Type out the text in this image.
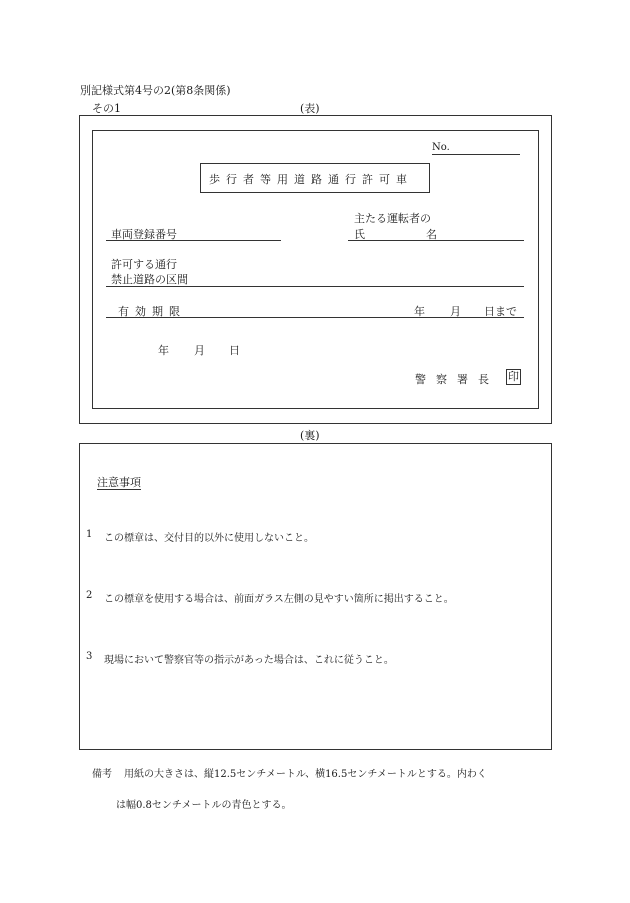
別記様式第4号の2(第8条関係)
その1	(表)
No.
歩行者等用道路通行許可車
主たる運転者の
氏	名
車両登録番号
許可する通行
禁止道路の区間
有効期限	年 月 日まで
年 月 日
警察署長 印
(裏)
注意事項
1 この標章は、交付目的以外に使用しないこと。
2 この標章を使用する場合は、前面ガラス左側の見やすい箇所に掲出すること。
3 現場において警察官等の指示があった場合は、これに従うこと。
備考 用紙の大きさは、縦12.5センチメートル、横16.5センチメートルとする。内わく
は幅0.8センチメートルの青色とする。
